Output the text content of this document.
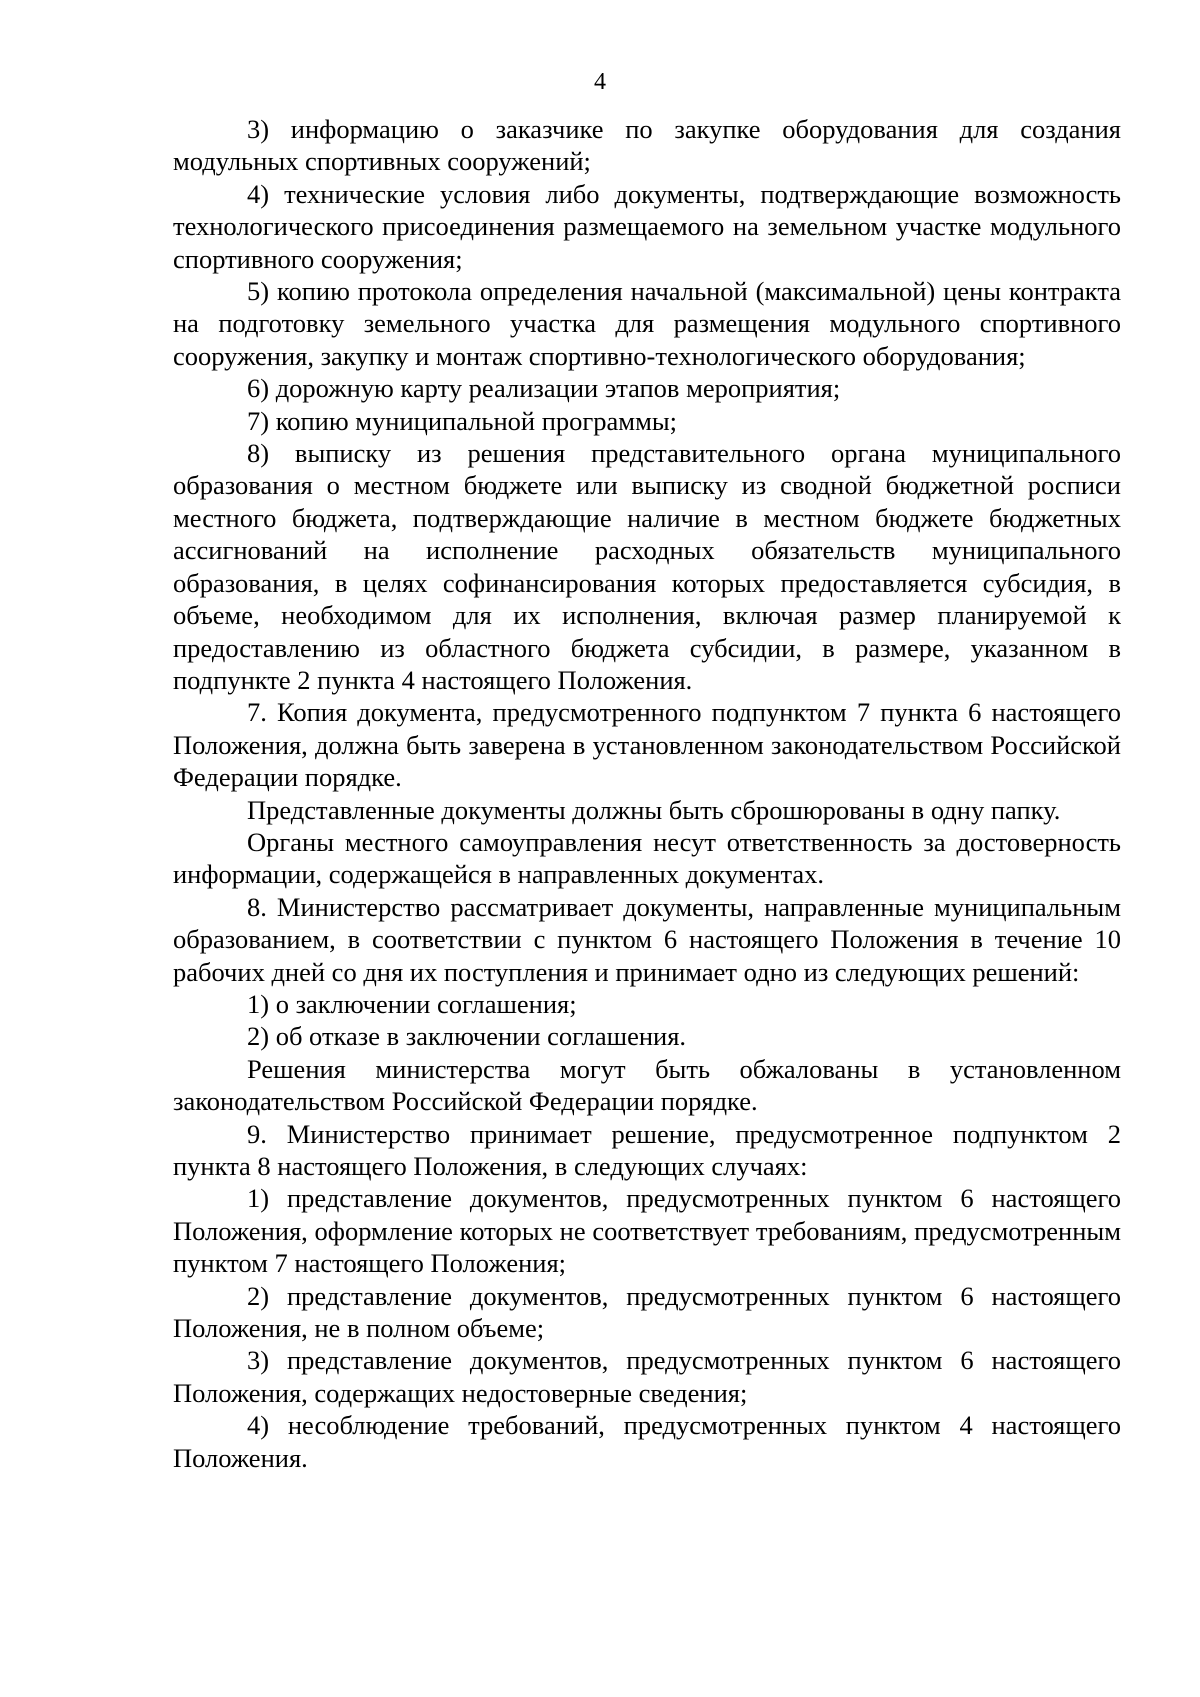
4

3) информацию о заказчике по закупке оборудования для создания модульных спортивных сооружений;

4) технические условия либо документы, подтверждающие возможность технологического присоединения размещаемого на земельном участке модульного спортивного сооружения;

5) копию протокола определения начальной (максимальной) цены контракта на подготовку земельного участка для размещения модульного спортивного сооружения, закупку и монтаж спортивно-технологического оборудования;

6) дорожную карту реализации этапов мероприятия;

7) копию муниципальной программы;

8) выписку из решения представительного органа муниципального образования о местном бюджете или выписку из сводной бюджетной росписи местного бюджета, подтверждающие наличие в местном бюджете бюджетных ассигнований на исполнение расходных обязательств муниципального образования, в целях софинансирования которых предоставляется субсидия, в объеме, необходимом для их исполнения, включая размер планируемой к предоставлению из областного бюджета субсидии, в размере, указанном в подпункте 2 пункта 4 настоящего Положения.

7. Копия документа, предусмотренного подпунктом 7 пункта 6 настоящего Положения, должна быть заверена в установленном законодательством Российской Федерации порядке.

Представленные документы должны быть сброшюрованы в одну папку.

Органы местного самоуправления несут ответственность за достоверность информации, содержащейся в направленных документах.

8. Министерство рассматривает документы, направленные муниципальным образованием, в соответствии с пунктом 6 настоящего Положения в течение 10 рабочих дней со дня их поступления и принимает одно из следующих решений:

1) о заключении соглашения;

2) об отказе в заключении соглашения.

Решения министерства могут быть обжалованы в установленном законодательством Российской Федерации порядке.

9. Министерство принимает решение, предусмотренное подпунктом 2 пункта 8 настоящего Положения, в следующих случаях:

1) представление документов, предусмотренных пунктом 6 настоящего Положения, оформление которых не соответствует требованиям, предусмотренным пунктом 7 настоящего Положения;

2) представление документов, предусмотренных пунктом 6 настоящего Положения, не в полном объеме;

3) представление документов, предусмотренных пунктом 6 настоящего Положения, содержащих недостоверные сведения;

4) несоблюдение требований, предусмотренных пунктом 4 настоящего Положения.
